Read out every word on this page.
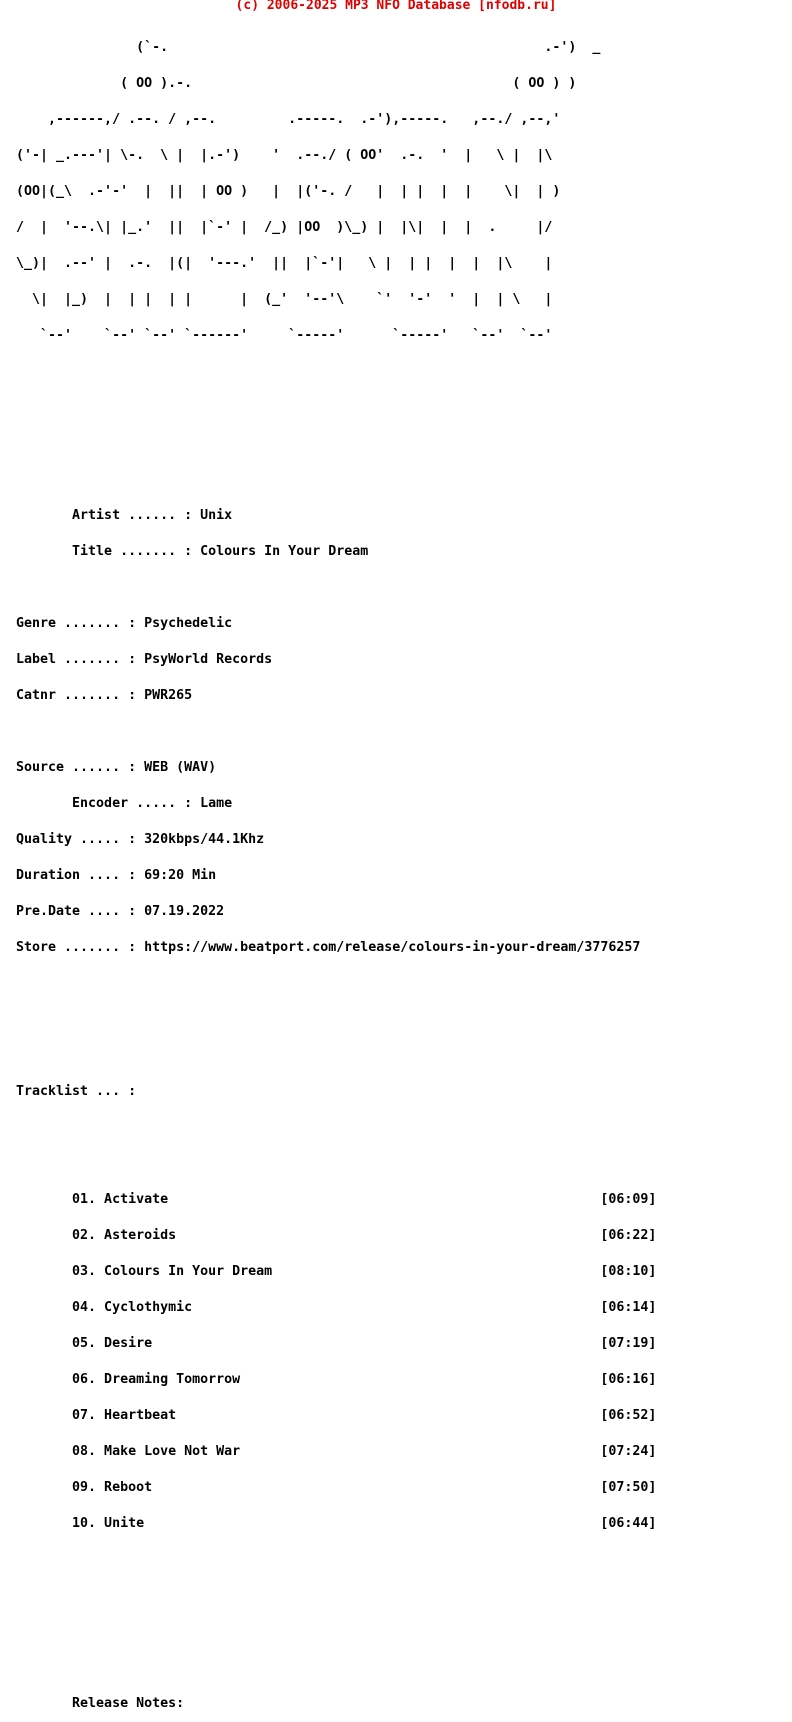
(c) 2006-2025 MP3 NFO Database [nfodb.ru]

(`-.                                               .-')  _

( OO ).-.                                        ( OO ) )

,------,/ .--. / ,--.         .-----.  .-'),-----.   ,--./ ,--,'

('-| _.---'| \-.  \ |  |.-')    '  .--./ ( OO'  .-.  '  |   \ |  |\

(OO|(_\  .-'-'  |  ||  | OO )   |  |('-. /   |  | |  |  |    \|  | )

/  |  '--.\| |_.'  ||  |`-' |  /_) |OO  )\_) |  |\|  |  |  .     |/

\_)|  .--' |  .-.  |(|  '---.'  ||  |`-'|   \ |  | |  |  |  |\    |

\|  |_)  |  | |  | |      |  (_'  '--'\    `'  '-'  '  |  | \   |

`--'    `--' `--' `------'     `-----'      `-----'   `--'  `--'

Artist ...... : Unix

Title ....... : Colours In Your Dream

Genre ....... : Psychedelic

Label ....... : PsyWorld Records

Catnr ....... : PWR265

Source ...... : WEB (WAV)

Encoder ..... : Lame

Quality ..... : 320kbps/44.1Khz

Duration .... : 69:20 Min

Pre.Date .... : 07.19.2022

Store ....... : https://www.beatport.com/release/colours-in-your-dream/3776257

Tracklist ... :

01. Activate                                                      [06:09]

02. Asteroids                                                     [06:22]

03. Colours In Your Dream                                         [08:10]

04. Cyclothymic                                                   [06:14]

05. Desire                                                        [07:19]

06. Dreaming Tomorrow                                             [06:16]

07. Heartbeat                                                     [06:52]

08. Make Love Not War                                             [07:24]

09. Reboot                                                        [07:50]

10. Unite                                                         [06:44]

Release Notes:
